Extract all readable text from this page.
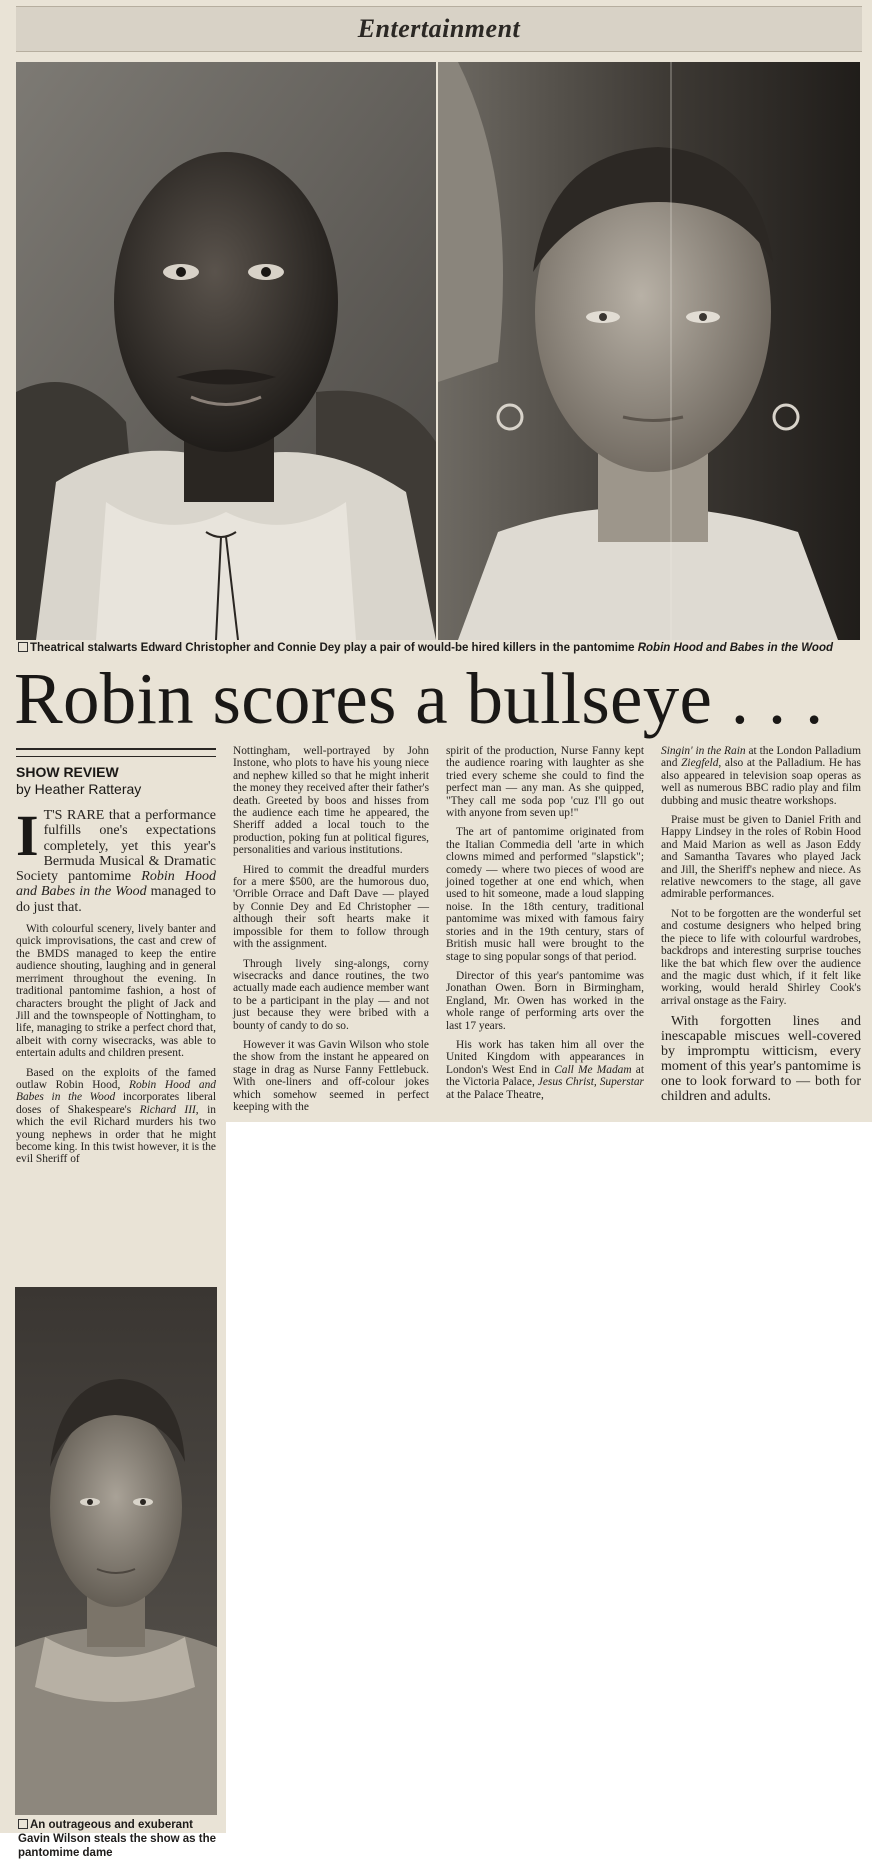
Entertainment
Theatrical stalwarts Edward Christopher and Connie Dey play a pair of would-be hired killers in the pantomime Robin Hood and Babes in the Wood
Robin scores a bullseye . . .
SHOW REVIEW
by Heather Ratteray

I T'S RARE that a performance fulfills one's expectations completely, yet this year's Bermuda Musical & Dramatic Society pantomime Robin Hood and Babes in the Wood managed to do just that.

With colourful scenery, lively banter and quick improvisations, the cast and crew of the BMDS managed to keep the entire audience shouting, laughing and in general merriment throughout the evening. In traditional pantomime fashion, a host of characters brought the plight of Jack and Jill and the townspeople of Nottingham, to life, managing to strike a perfect chord that, albeit with corny wisecracks, was able to entertain adults and children present.

Based on the exploits of the famed outlaw Robin Hood, Robin Hood and Babes in the Wood incorporates liberal doses of Shakespeare's Richard III, in which the evil Richard murders his two young nephews in order that he might become king. In this twist however, it is the evil Sheriff of

Nottingham, well-portrayed by John Instone, who plots to have his young niece and nephew killed so that he might inherit the money they received after their father's death. Greeted by boos and hisses from the audience each time he appeared, the Sheriff added a local touch to the production, poking fun at political figures, personalities and various institutions.

Hired to commit the dreadful murders for a mere $500, are the humorous duo, 'Orrible Orrace and Daft Dave — played by Connie Dey and Ed Christopher — although their soft hearts make it impossible for them to follow through with the assignment.

Through lively sing-alongs, corny wisecracks and dance routines, the two actually made each audience member want to be a participant in the play — and not just because they were bribed with a bounty of candy to do so.

However it was Gavin Wilson who stole the show from the instant he appeared on stage in drag as Nurse Fanny Fettlebuck. With one-liners and off-colour jokes which somehow seemed in perfect keeping with the

spirit of the production, Nurse Fanny kept the audience roaring with laughter as she tried every scheme she could to find the perfect man — any man. As she quipped, "They call me soda pop 'cuz I'll go out with anyone from seven up!"

The art of pantomime originated from the Italian Commedia dell 'arte in which clowns mimed and performed "slapstick"; comedy — where two pieces of wood are joined together at one end which, when used to hit someone, made a loud slapping noise. In the 18th century, traditional pantomime was mixed with famous fairy stories and in the 19th century, stars of British music hall were brought to the stage to sing popular songs of that period.

Director of this year's pantomime was Jonathan Owen. Born in Birmingham, England, Mr. Owen has worked in the whole range of performing arts over the last 17 years.

His work has taken him all over the United Kingdom with appearances in London's West End in Call Me Madam at the Victoria Palace, Jesus Christ, Superstar at the Palace Theatre,

Singin' in the Rain at the London Palladium and Ziegfeld, also at the Palladium. He has also appeared in television soap operas as well as numerous BBC radio play and film dubbing and music theatre workshops.

Praise must be given to Daniel Frith and Happy Lindsey in the roles of Robin Hood and Maid Marion as well as Jason Eddy and Samantha Tavares who played Jack and Jill, the Sheriff's nephew and niece. As relative newcomers to the stage, all gave admirable performances.

Not to be forgotten are the wonderful set and costume designers who helped bring the piece to life with colourful wardrobes, backdrops and interesting surprise touches like the bat which flew over the audience and the magic dust which, if it felt like working, would herald Shirley Cook's arrival onstage as the Fairy.

With forgotten lines and inescapable miscues well-covered by impromptu witticism, every moment of this year's pantomime is one to look forward to — both for children and adults.

An outrageous and exuberant Gavin Wilson steals the show as the pantomime dame
